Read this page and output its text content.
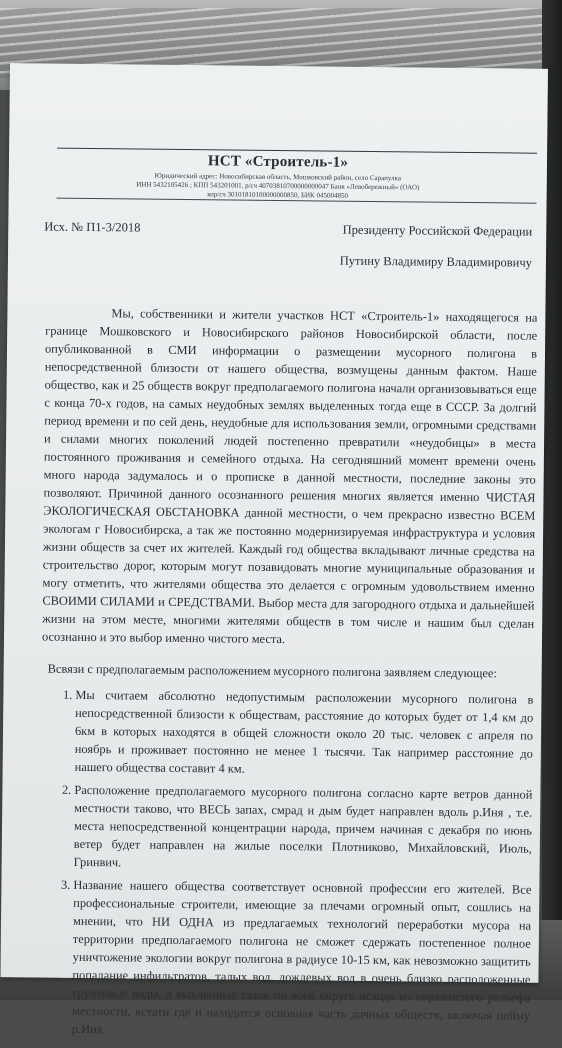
НСТ «Строитель-1»
Юридический адрес: Новосибирская область, Мошковский район, село Сарапулка
ИНН 5432105426 ; КПП 543201001, р/сч 40703810700000000047 Банк «Левобережный» (ОАО)
кор/сч 30101810100000000850, БИК 045004850
Исх. № П1-3/2018	Президенту Российской Федерации
Путину Владимиру Владимировичу

Мы, собственники и жители участков НСТ «Строитель-1» находящегося на границе Мошковского и Новосибирского районов Новосибирской области, после опубликованной в СМИ информации о размещении мусорного полигона в непосредственной близости от нашего общества, возмущены данным фактом. Наше общество, как и 25 обществ вокруг предполагаемого полигона начали организовываться еще с конца 70-х годов, на самых неудобных землях выделенных тогда еще в СССР. За долгий период времени и по сей день, неудобные для использования земли, огромными средствами и силами многих поколений людей постепенно превратили «неудобицы» в места постоянного проживания и семейного отдыха. На сегодняшний момент времени очень много народа задумалось и о прописке в данной местности, последние законы это позволяют. Причиной данного осознанного решения многих является именно ЧИСТАЯ ЭКОЛОГИЧЕСКАЯ ОБСТАНОВКА данной местности, о чем прекрасно известно ВСЕМ экологам г Новосибирска, а так же постоянно модернизируемая инфраструктура и условия жизни обществ за счет их жителей. Каждый год общества вкладывают личные средства на строительство дорог, которым могут позавидовать многие муниципальные образования и могу отметить, что жителями общества это делается с огромным удовольствием именно СВОИМИ СИЛАМИ и СРЕДСТВАМИ. Выбор места для загородного отдыха и дальнейшей жизни на этом месте, многими жителями обществ в том числе и нашим был сделан осознанно и это выбор именно чистого места.

Всвязи с предполагаемым расположением мусорного полигона заявляем следующее:

1. Мы считаем абсолютно недопустимым расположении мусорного полигона в непосредственной близости к обществам, расстояние до которых будет от 1,4 км до 6км в которых находятся в общей сложности около 20 тыс. человек с апреля по ноябрь и проживает постоянно не менее 1 тысячи. Так например расстояние до нашего общества составит 4 км.
2. Расположение предполагаемого мусорного полигона согласно карте ветров данной местности таково, что ВЕСЬ запах, смрад и дым будет направлен вдоль р.Иня , т.е. места непосредственной концентрации народа, причем начиная с декабря по июнь ветер будет направлен на жилые поселки Плотниково, Михайловский, Июль, Гринвич.
3. Название нашего общества соответствует основной профессии его жителей. Все профессиональные строители, имеющие за плечами огромный опыт, сошлись на мнении, что НИ ОДНА из предлагаемых технологий переработки мусора на территории предполагаемого полигона не сможет сдержать постепенное полное уничтожение экологии вокруг полигона в радиусе 10-15 км, как невозможно защитить попадание инфильтратов, талых вод, дождевых вод в очень близко расположенные грунтовые воды, а выхлопных газов по всей округе исходя из овражистого рельефа местности, кстати где и находится основная часть дачных обществ, включая пойму р.Иня.
